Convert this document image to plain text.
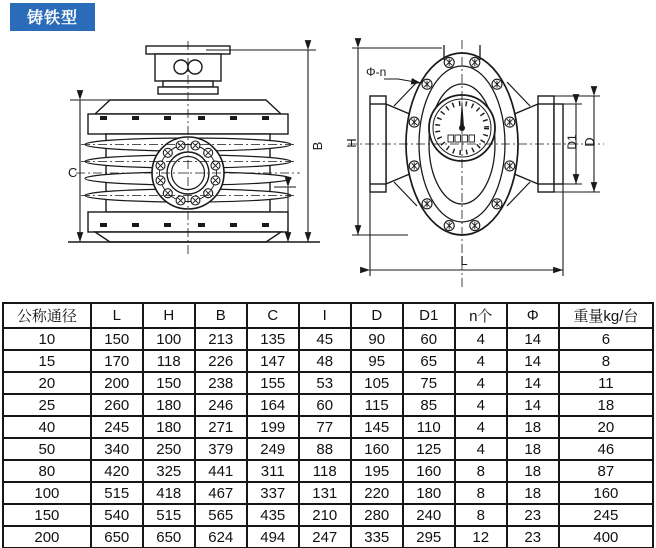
铸铁型
C
B
I
H	D1 D
L
Φ-n
公称通径	L	H	B	C	I	D	D1	n个	Φ	重量kg/台
10	150	100	213	135	45	90	60	4	14	6
15	170	118	226	147	48	95	65	4	14	8
20	200	150	238	155	53	105	75	4	14	11
25	260	180	246	164	60	115	85	4	14	18
40	245	180	271	199	77	145	110	4	18	20
50	340	250	379	249	88	160	125	4	18	46
80	420	325	441	311	118	195	160	8	18	87
100	515	418	467	337	131	220	180	8	18	160
150	540	515	565	435	210	280	240	8	23	245
200	650	650	624	494	247	335	295	12	23	400
